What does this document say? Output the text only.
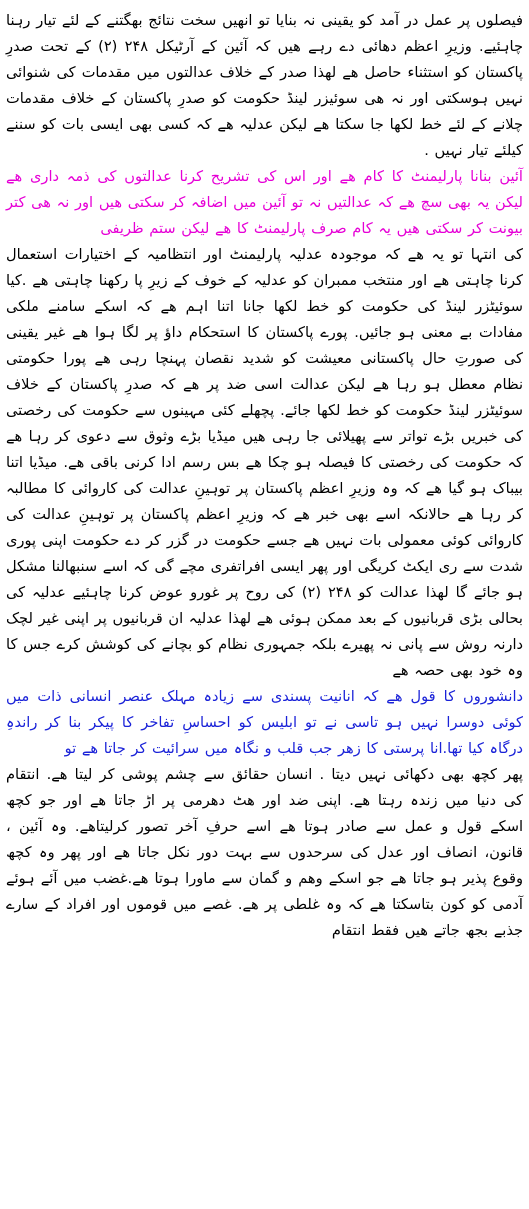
فیصلوں پر عمل در آمد کو یقینی نہ بنایا تو انھیں سخت نتائج بھگتنے کے لئے تیار رہنا چاہئیے. وزیرِ اعظم دھائی دے رہے ھیں کہ آئین کے آرٹیکل ۲۴۸ (۲) کے تحت صدرِ پاکستان کو استثناء حاصل ھے لھذا صدر کے خلاف عدالتوں میں مقدمات کی شنوائی نہیں ہوسکتی اور نہ ھی سوئیزر لینڈ حکومت کو صدرِ پاکستان کے خلاف مقدمات چلانے کے لئے خط لکھا جا سکتا ھے لیکن عدلیہ ھے کہ کسی بھی ایسی بات کو سننے کیلئے تیار نہیں .

آئین بنانا پارلیمنٹ کا کام ھے اور اس کی تشریح کرنا عدالتوں کی ذمہ داری ھے لیکن یہ بھی سچ ھے کہ عدالتیں نہ تو آئین میں اضافہ کر سکتی ھیں اور نہ ھی کتر بیونت کر سکتی ھیں یہ کام صرف پارلیمنٹ کا ھے لیکن ستم ظریفی

کی انتہا تو یہ ھے کہ موجودہ عدلیہ پارلیمنٹ اور انتظامیہ کے اختیارات استعمال کرنا چاہتی ھے اور منتخب ممبران کو عدلیہ کے خوف کے زیرِ پا رکھنا چاہتی ھے .کیا سوئیٹزر لینڈ کی حکومت کو خط لکھا جانا اتنا اہم ھے کہ اسکے سامنے ملکی مفادات بے معنی ہو جائیں. پورے پاکستان کا استحکام داؤ پر لگا ہوا ھے غیر یقینی کی صورتِ حال پاکستانی معیشت کو شدید نقصان پہنچا رہی ھے پورا حکومتی نظام معطل ہو رہا ھے لیکن عدالت اسی ضد پر ھے کہ صدرِ پاکستان کے خلاف سوئیٹزر لینڈ حکومت کو خط لکھا جائے. پچھلے کئی مہینوں سے حکومت کی رخصتی کی خبریں بڑے تواتر سے پھیلائی جا رہی ھیں میڈیا بڑے وثوق سے دعوی کر رہا ھے کہ حکومت کی رخصتی کا فیصلہ ہو چکا ھے بس رسم ادا کرنی باقی ھے. میڈیا اتنا بیباک ہو گیا ھے کہ وہ وزیرِ اعظم پاکستان پر توہینِ عدالت کی کاروائی کا مطالبہ کر رہا ھے حالانکہ اسے بھی خبر ھے کہ وزیرِ اعظم پاکستان پر توہینِ عدالت کی کاروائی کوئی معمولی بات نہیں ھے جسے حکومت در گزر کر دے حکومت اپنی پوری شدت سے ری ایکٹ کریگی اور پھر ایسی افراتفری مچے گی کہ اسے سنبھالنا مشکل ہو جائے گا لھذا عدالت کو ۲۴۸ (۲) کی روح پر غورو عوض کرنا چاہئیے عدلیہ کی بحالی بڑی قربانیوں کے بعد ممکن ہوئی ھے لھذا عدلیہ ان قربانیوں پر اپنی غیر لچک دارنہ روش سے پانی نہ پھیرے بلکہ جمہوری نظام کو بچانے کی کوشش کرے جس کا وہ خود بھی حصہ ھے

دانشوروں کا قول ھے کہ انانیت پسندی سے زیادہ مہلک عنصر انسانی ذات میں کوئی دوسرا نہیں ہو تاسی نے تو ابلیس کو احساسِ تفاخر کا پیکر بنا کر راندہِ درگاہ کیا تھا.انا پرستی کا زھر جب قلب و نگاہ میں سرائیت کر جاتا ھے تو

پھر کچھ بھی دکھائی نہیں دیتا . انسان حقائق سے چشم پوشی کر لیتا ھے. انتقام کی دنیا میں زندہ رہتا ھے. اپنی ضد اور ھٹ دھرمی پر اڑ جاتا ھے اور جو کچھ اسکے قول و عمل سے صادر ہوتا ھے اسے حرفِ آخر تصور کرلیتاھے. وہ آئین ، قانون، انصاف اور عدل کی سرحدوں سے بہت دور نکل جاتا ھے اور پھر وہ کچھ وقوع پذیر ہو جاتا ھے جو اسکے وھم و گمان سے ماورا ہوتا ھے.غضب میں آئے ہوئے آدمی کو کون بتاسکتا ھے کہ وہ غلطی پر ھے. غصے میں قوموں اور افراد کے سارے جذبے بجھ جاتے ھیں فقط انتقام
